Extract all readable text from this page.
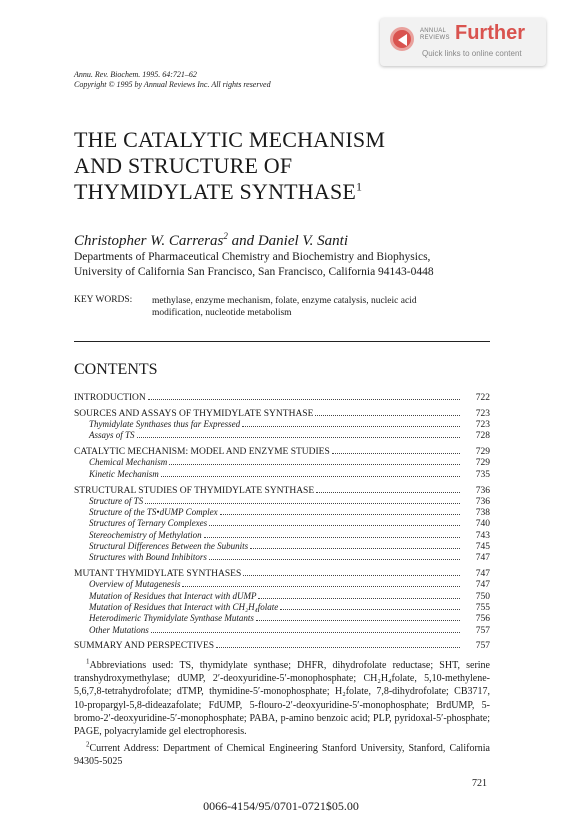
ANNUAL
REVIEWS Further
Quick links to online content
Annu. Rev. Biochem. 1995. 64:721–62
Copyright © 1995 by Annual Reviews Inc. All rights reserved
THE CATALYTIC MECHANISM
AND STRUCTURE OF
THYMIDYLATE SYNTHASE$^1$
Christopher W. Carreras$^2$ and Daniel V. Santi
Departments of Pharmaceutical Chemistry and Biochemistry and Biophysics,
University of California San Francisco, San Francisco, California 94143-0448
KEY WORDS: methylase, enzyme mechanism, folate, enzyme catalysis, nucleic acid
modification, nucleotide metabolism
CONTENTS
INTRODUCTION	722
SOURCES AND ASSAYS OF THYMIDYLATE SYNTHASE	723
Thymidylate Synthases thus far Expressed	723
Assays of TS	728
CATALYTIC MECHANISM: MODEL AND ENZYME STUDIES	729
Chemical Mechanism	729
Kinetic Mechanism	735
STRUCTURAL STUDIES OF THYMIDYLATE SYNTHASE	736
Structure of TS	736
Structure of the TS•dUMP Complex	738
Structures of Ternary Complexes	740
Stereochemistry of Methylation	743
Structural Differences Between the Subunits	745
Structures with Bound Inhibitors	747
MUTANT THYMIDYLATE SYNTHASES	747
Overview of Mutagenesis	747
Mutation of Residues that Interact with dUMP	750
Mutation of Residues that Interact with CH₂H₄folate	755
Heterodimeric Thymidylate Synthase Mutants	756
Other Mutations	757
SUMMARY AND PERSPECTIVES	757
$^1$Abbreviations used: TS, thymidylate synthase; DHFR, dihydrofolate reductase; SHT, serine transhydroxymethylase; dUMP, 2′-deoxyuridine-5′-monophosphate; CH₂H₄folate, 5,10-methylene-5,6,7,8-tetrahydrofolate; dTMP, thymidine-5′-monophosphate; H₂folate, 7,8-dihydrofolate; CB3717, 10-propargyl-5,8-dideazafolate; FdUMP, 5-flouro-2′-deoxyuridine-5′-monophosphate; BrdUMP, 5-bromo-2′-deoxyuridine-5′-monophosphate; PABA, p-amino benzoic acid; PLP, pyridoxal-5′-phosphate; PAGE, polyacrylamide gel electrophoresis.
$^2$Current Address: Department of Chemical Engineering Stanford University, Stanford, California 94305-5025
721
0066-4154/95/0701-0721$05.00
